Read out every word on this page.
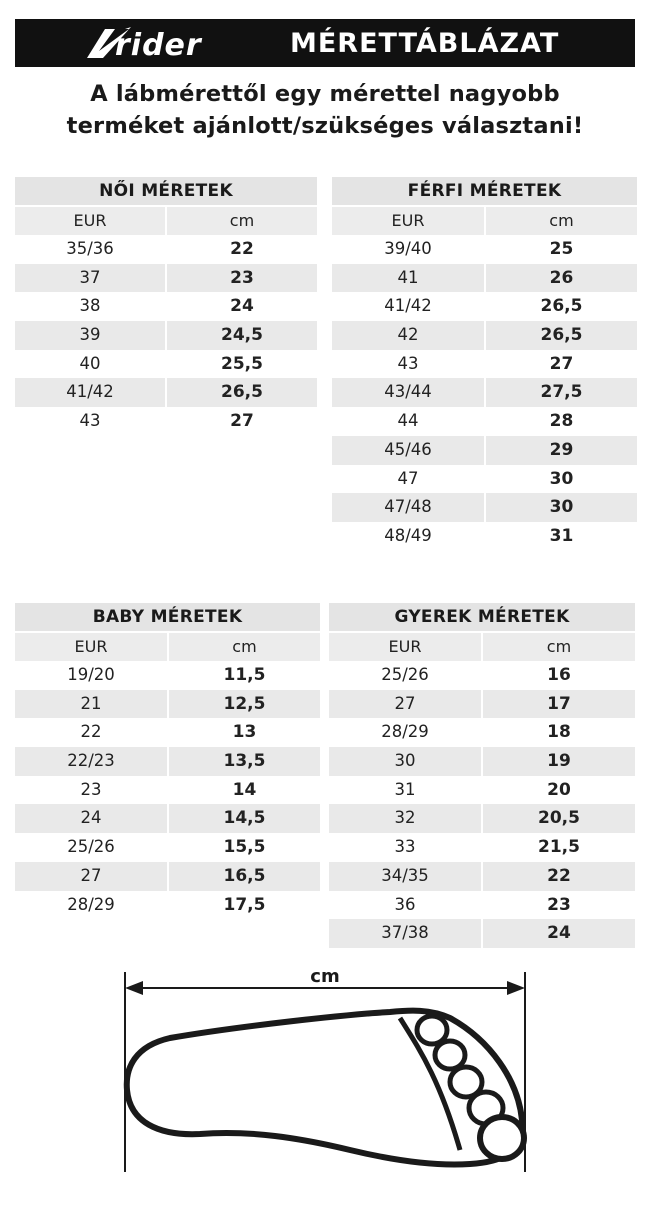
rider	MÉRETTÁBLÁZAT
A lábmérettől egy mérettel nagyobb
terméket ajánlott/szükséges választani!
NŐI MÉRETEK
EUR	cm
35/36	22
37	23
38	24
39	24,5
40	25,5
41/42	26,5
43	27
FÉRFI MÉRETEK
EUR	cm
39/40	25
41	26
41/42	26,5
42	26,5
43	27
43/44	27,5
44	28
45/46	29
47	30
47/48	30
48/49	31
BABY MÉRETEK
EUR	cm
19/20	11,5
21	12,5
22	13
22/23	13,5
23	14
24	14,5
25/26	15,5
27	16,5
28/29	17,5
GYEREK MÉRETEK
EUR	cm
25/26	16
27	17
28/29	18
30	19
31	20
32	20,5
33	21,5
34/35	22
36	23
37/38	24
cm
